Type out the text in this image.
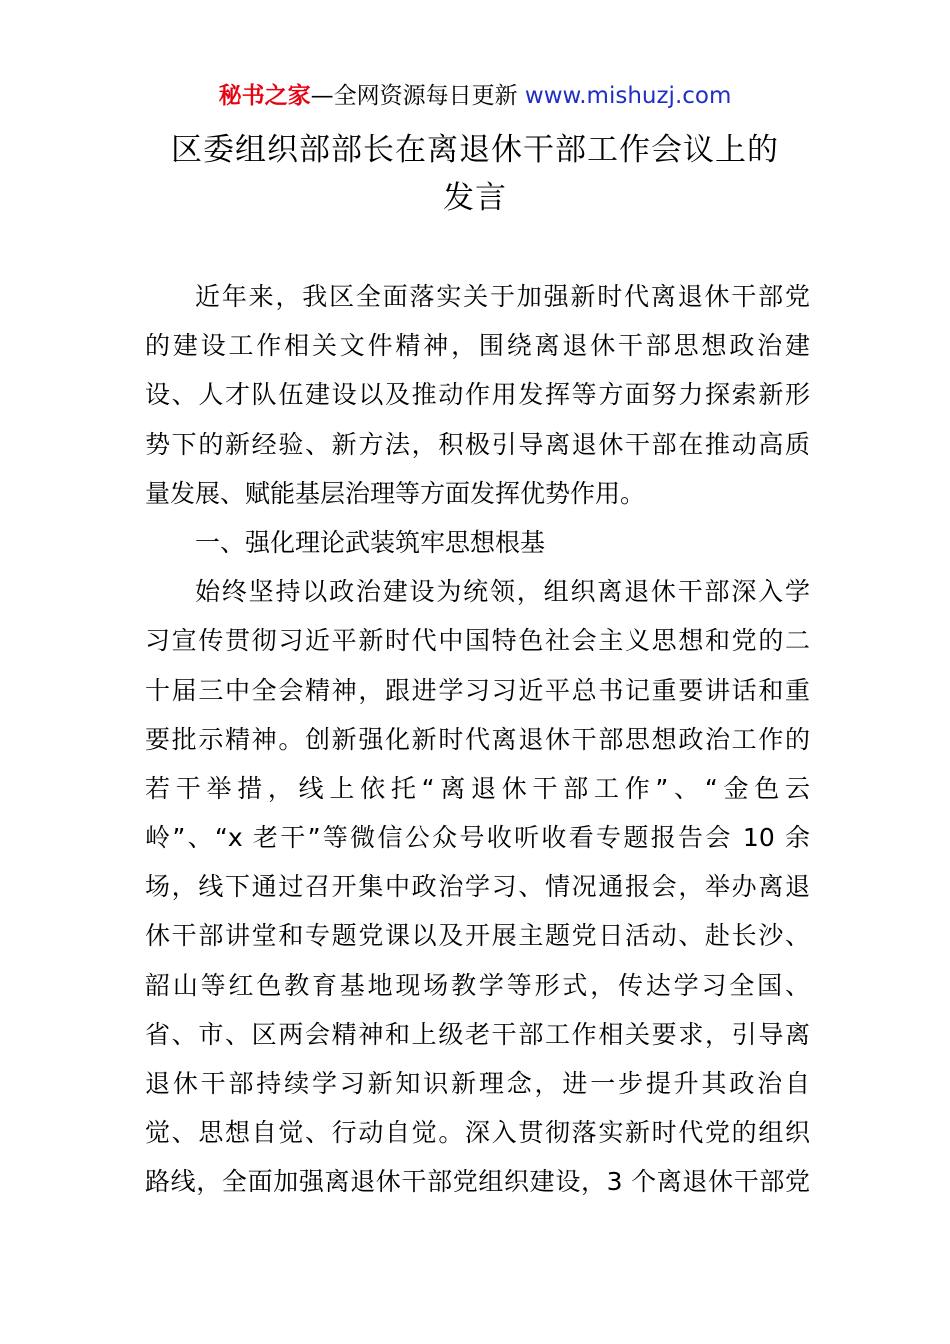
秘书之家—全网资源每日更新 www.mishuzj.com
区委组织部部长在离退休干部工作会议上的
发言
近年来，我区全面落实关于加强新时代离退休干部党
的建设工作相关文件精神，围绕离退休干部思想政治建
设、人才队伍建设以及推动作用发挥等方面努力探索新形
势下的新经验、新方法，积极引导离退休干部在推动高质
量发展、赋能基层治理等方面发挥优势作用。
一、强化理论武装筑牢思想根基
始终坚持以政治建设为统领，组织离退休干部深入学
习宣传贯彻习近平新时代中国特色社会主义思想和党的二
十届三中全会精神，跟进学习习近平总书记重要讲话和重
要批示精神。创新强化新时代离退休干部思想政治工作的
若干举措，线上依托“离退休干部工作”、“金色云
岭”、“x 老干”等微信公众号收听收看专题报告会 10 余
场，线下通过召开集中政治学习、情况通报会，举办离退
休干部讲堂和专题党课以及开展主题党日活动、赴长沙、
韶山等红色教育基地现场教学等形式，传达学习全国、
省、市、区两会精神和上级老干部工作相关要求，引导离
退休干部持续学习新知识新理念，进一步提升其政治自
觉、思想自觉、行动自觉。深入贯彻落实新时代党的组织
路线，全面加强离退休干部党组织建设，3 个离退休干部党
